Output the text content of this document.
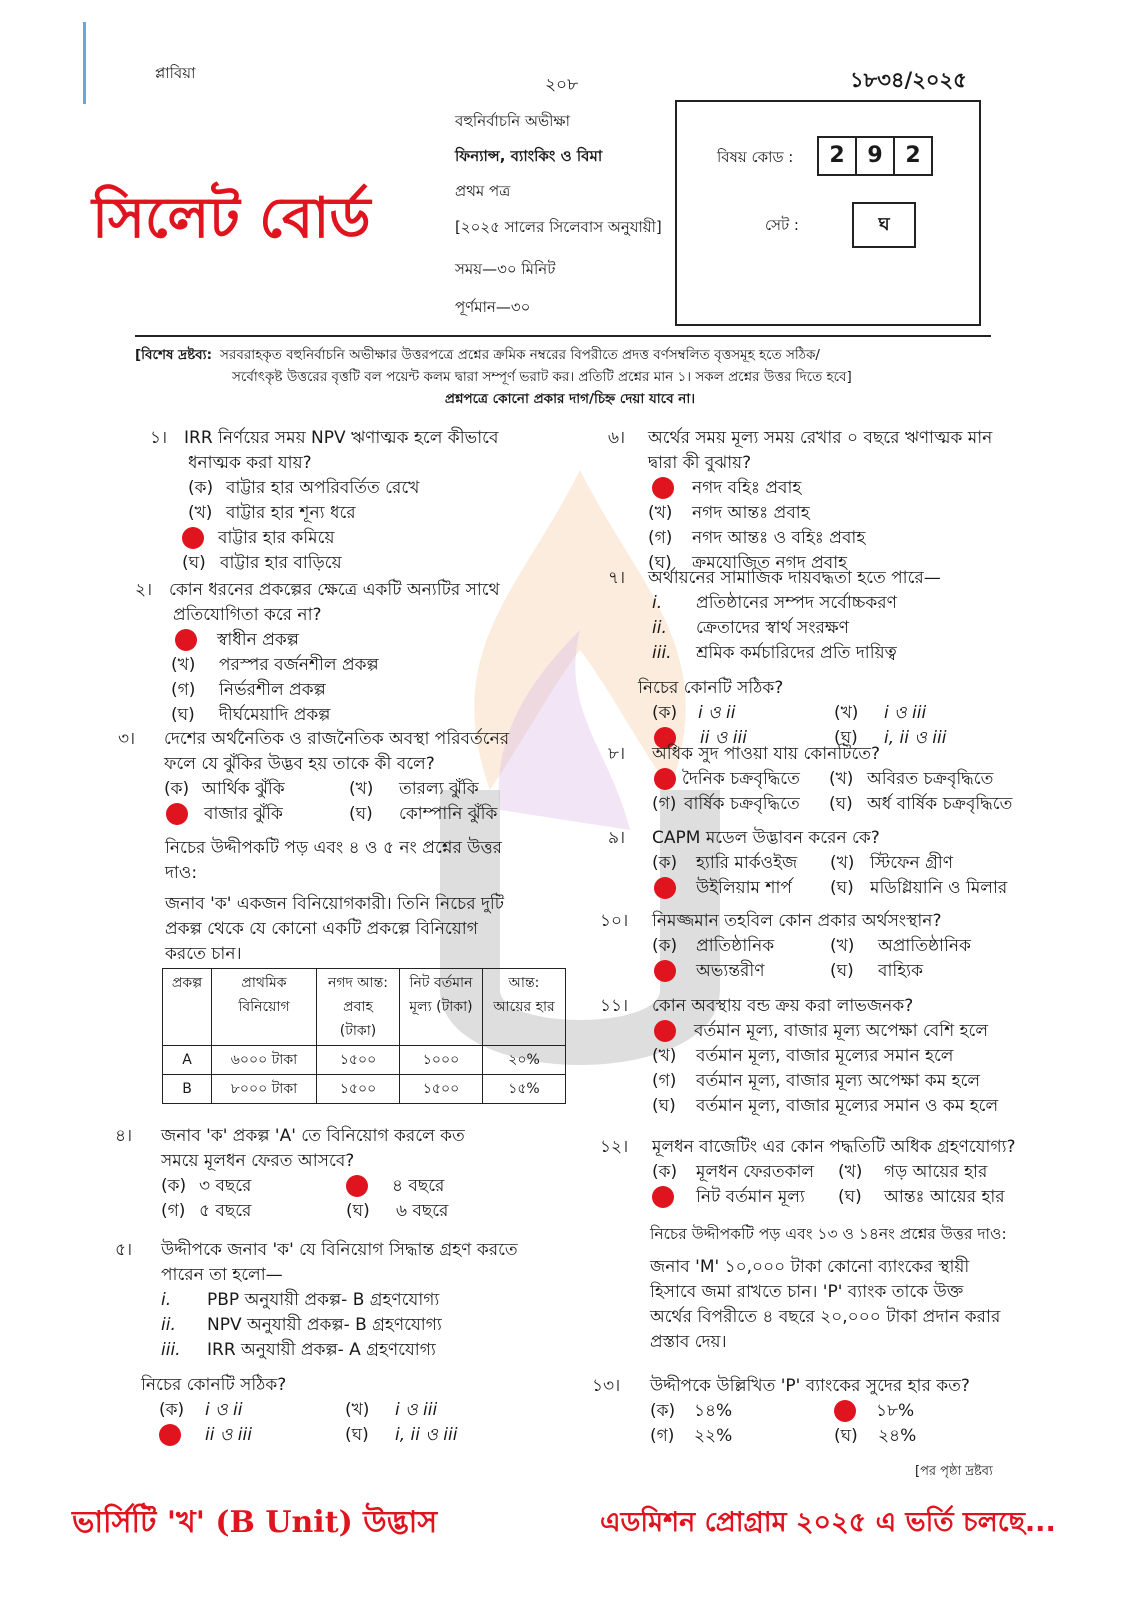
প্লাবিয়া
২০৮	১৮৩৪/২০২৫
সিলেট বোর্ড
বহুনির্বাচনি অভীক্ষা
ফিন্যান্স, ব্যাংকিং ও বিমা
প্রথম পত্র
[২০২৫ সালের সিলেবাস অনুযায়ী]
সময়—৩০ মিনিট
পূর্ণমান—৩০
বিষয় কোড :	2 9 2
সেট :	ঘ
[বিশেষ দ্রষ্টব্য: সরবরাহকৃত বহুনির্বাচনি অভীক্ষার উত্তরপত্রে প্রশ্নের ক্রমিক নম্বরের বিপরীতে প্রদত্ত বর্ণসম্বলিত বৃত্তসমূহ হতে সঠিক/
সর্বোৎকৃষ্ট উত্তরের বৃত্তটি বল পয়েন্ট কলম দ্বারা সম্পূর্ণ ভরাট কর। প্রতিটি প্রশ্নের মান ১। সকল প্রশ্নের উত্তর দিতে হবে]
প্রশ্নপত্রে কোনো প্রকার দাগ/চিহ্ন দেয়া যাবে না।
১। IRR নির্ণয়ের সময় NPV ঋণাত্মক হলে কীভাবে
ধনাত্মক করা যায়?
(ক) বাট্টার হার অপরিবর্তিত রেখে
(খ) বাট্টার হার শূন্য ধরে
বাট্টার হার কমিয়ে
(ঘ) বাট্টার হার বাড়িয়ে
২। কোন ধরনের প্রকল্পের ক্ষেত্রে একটি অন্যটির সাথে
প্রতিযোগিতা করে না?
স্বাধীন প্রকল্প
(খ) পরস্পর বর্জনশীল প্রকল্প
(গ) নির্ভরশীল প্রকল্প
(ঘ) দীর্ঘমেয়াদি প্রকল্প
৩। দেশের অর্থনৈতিক ও রাজনৈতিক অবস্থা পরিবর্তনের
ফলে যে ঝুঁকির উদ্ভব হয় তাকে কী বলে?
(ক) আর্থিক ঝুঁকি	(খ) তারল্য ঝুঁকি
বাজার ঝুঁকি	(ঘ) কোম্পানি ঝুঁকি
নিচের উদ্দীপকটি পড় এবং ৪ ও ৫ নং প্রশ্নের উত্তর
দাও:
জনাব 'ক' একজন বিনিয়োগকারী। তিনি নিচের দুটি
প্রকল্প থেকে যে কোনো একটি প্রকল্পে বিনিয়োগ
করতে চান।
প্রকল্প	প্রাথমিক বিনিয়োগ	নগদ আন্ত: প্রবাহ (টাকা)	নিট বর্তমান মূল্য (টাকা)	আন্ত: আয়ের হার
A	৬০০০ টাকা	১৫০০	১০০০	২০%
B	৮০০০ টাকা	১৫০০	১৫০০	১৫%
৪। জনাব 'ক' প্রকল্প 'A' তে বিনিয়োগ করলে কত
সময়ে মূলধন ফেরত আসবে?
(ক) ৩ বছরে	৪ বছরে
(গ) ৫ বছরে	(ঘ) ৬ বছরে
৫। উদ্দীপকে জনাব 'ক' যে বিনিয়োগ সিদ্ধান্ত গ্রহণ করতে
পারেন তা হলো—
i. PBP অনুযায়ী প্রকল্প- B গ্রহণযোগ্য
ii. NPV অনুযায়ী প্রকল্প- B গ্রহণযোগ্য
iii. IRR অনুযায়ী প্রকল্প- A গ্রহণযোগ্য
নিচের কোনটি সঠিক?
(ক) i ও ii	(খ) i ও iii
ii ও iii	(ঘ) i, ii ও iii
৬। অর্থের সময় মূল্য সময় রেখার ০ বছরে ঋণাত্মক মান
দ্বারা কী বুঝায়?
নগদ বহিঃ প্রবাহ
(খ) নগদ আন্তঃ প্রবাহ
(গ) নগদ আন্তঃ ও বহিঃ প্রবাহ
(ঘ) ক্রমযোজিত নগদ প্রবাহ
৭। অর্থায়নের সামাজিক দায়বদ্ধতা হতে পারে—
i. প্রতিষ্ঠানের সম্পদ সর্বোচ্চকরণ
ii. ক্রেতাদের স্বার্থ সংরক্ষণ
iii. শ্রমিক কর্মচারিদের প্রতি দায়িত্ব
নিচের কোনটি সঠিক?
(ক) i ও ii	(খ) i ও iii
ii ও iii	(ঘ) i, ii ও iii
৮। অধিক সুদ পাওয়া যায় কোনটিতে?
দৈনিক চক্রবৃদ্ধিতে (খ) অবিরত চক্রবৃদ্ধিতে
(গ) বার্ষিক চক্রবৃদ্ধিতে (ঘ) অর্ধ বার্ষিক চক্রবৃদ্ধিতে
৯। CAPM মডেল উদ্ভাবন করেন কে?
(ক) হ্যারি মার্কওইজ (খ) স্টিফেন গ্রীণ
উইলিয়াম শার্প (ঘ) মডিগ্লিয়ানি ও মিলার
১০। নিমজ্জমান তহবিল কোন প্রকার অর্থসংস্থান?
(ক) প্রাতিষ্ঠানিক	(খ) অপ্রাতিষ্ঠানিক
অভ্যন্তরীণ	(ঘ) বাহ্যিক
১১। কোন অবস্থায় বন্ড ক্রয় করা লাভজনক?
বর্তমান মূল্য, বাজার মূল্য অপেক্ষা বেশি হলে
(খ) বর্তমান মূল্য, বাজার মূল্যের সমান হলে
(গ) বর্তমান মূল্য, বাজার মূল্য অপেক্ষা কম হলে
(ঘ) বর্তমান মূল্য, বাজার মূল্যের সমান ও কম হলে
১২। মূলধন বাজেটিং এর কোন পদ্ধতিটি অধিক গ্রহণযোগ্য?
(ক) মূলধন ফেরতকাল (খ) গড় আয়ের হার
নিট বর্তমান মূল্য (ঘ) আন্তঃ আয়ের হার
নিচের উদ্দীপকটি পড় এবং ১৩ ও ১৪নং প্রশ্নের উত্তর দাও:
জনাব 'M' ১০,০০০ টাকা কোনো ব্যাংকের স্থায়ী
হিসাবে জমা রাখতে চান। 'P' ব্যাংক তাকে উক্ত
অর্থের বিপরীতে ৪ বছরে ২০,০০০ টাকা প্রদান করার
প্রস্তাব দেয়।
১৩। উদ্দীপকে উল্লিখিত 'P' ব্যাংকের সুদের হার কত?
(ক) ১৪%	১৮%
(গ) ২২%	(ঘ) ২৪%
[পর পৃষ্ঠা দ্রষ্টব্য
ভার্সিটি 'খ' (B Unit) উদ্ভাস	এডমিশন প্রোগ্রাম ২০২৫ এ ভর্তি চলছে...
